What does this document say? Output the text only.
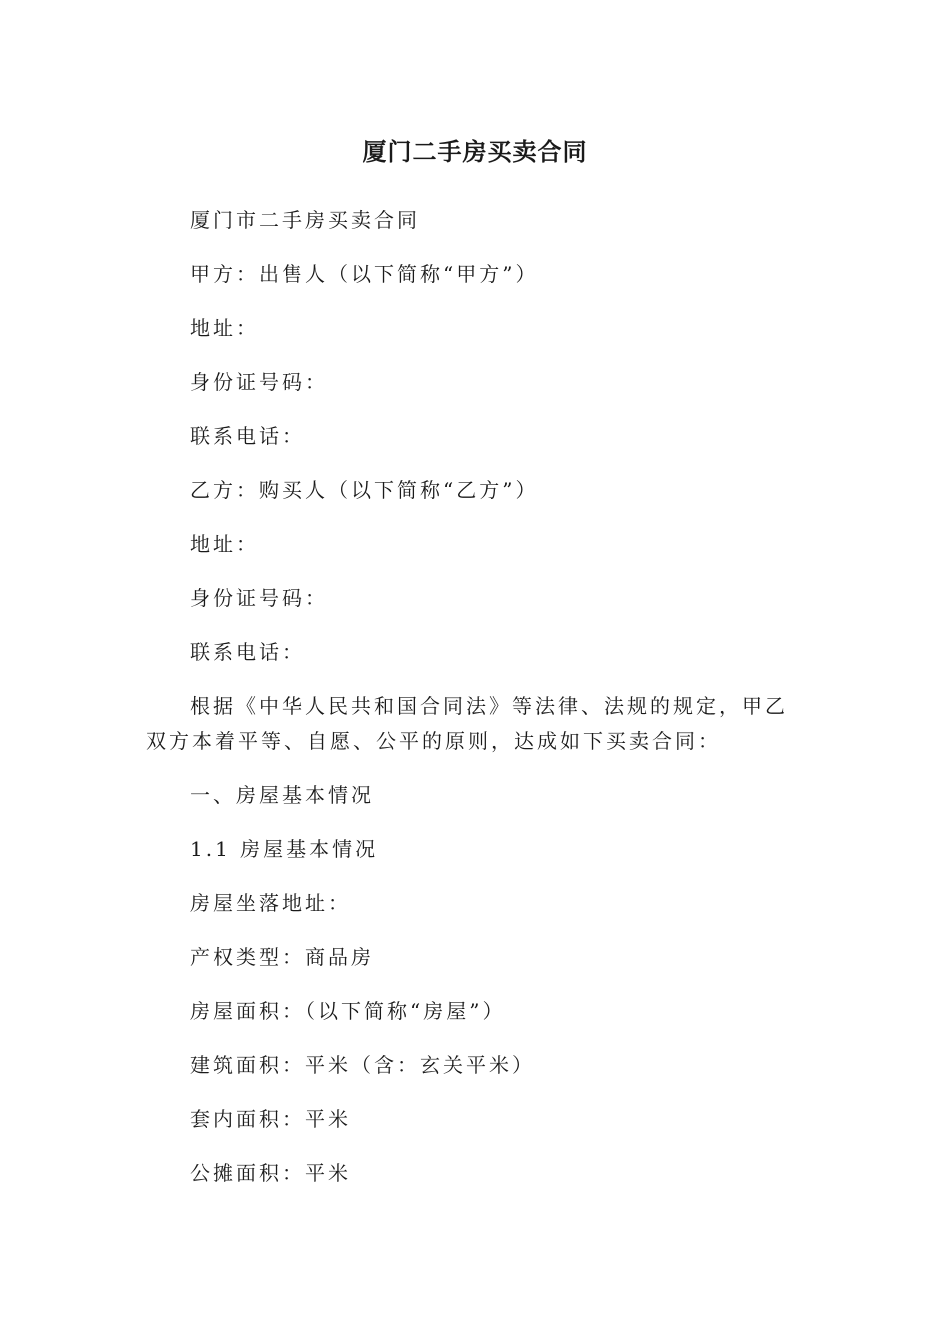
厦门二手房买卖合同

厦门市二手房买卖合同

甲方：出售人（以下简称“甲方”）

地址：

身份证号码：

联系电话：

乙方：购买人（以下简称“乙方”）

地址：

身份证号码：

联系电话：

根据《中华人民共和国合同法》等法律、法规的规定，甲乙双方本着平等、自愿、公平的原则，达成如下买卖合同：

一、房屋基本情况

1.1 房屋基本情况

房屋坐落地址：

产权类型：商品房

房屋面积：（以下简称“房屋”）

建筑面积：平米（含：玄关平米）

套内面积：平米

公摊面积：平米
